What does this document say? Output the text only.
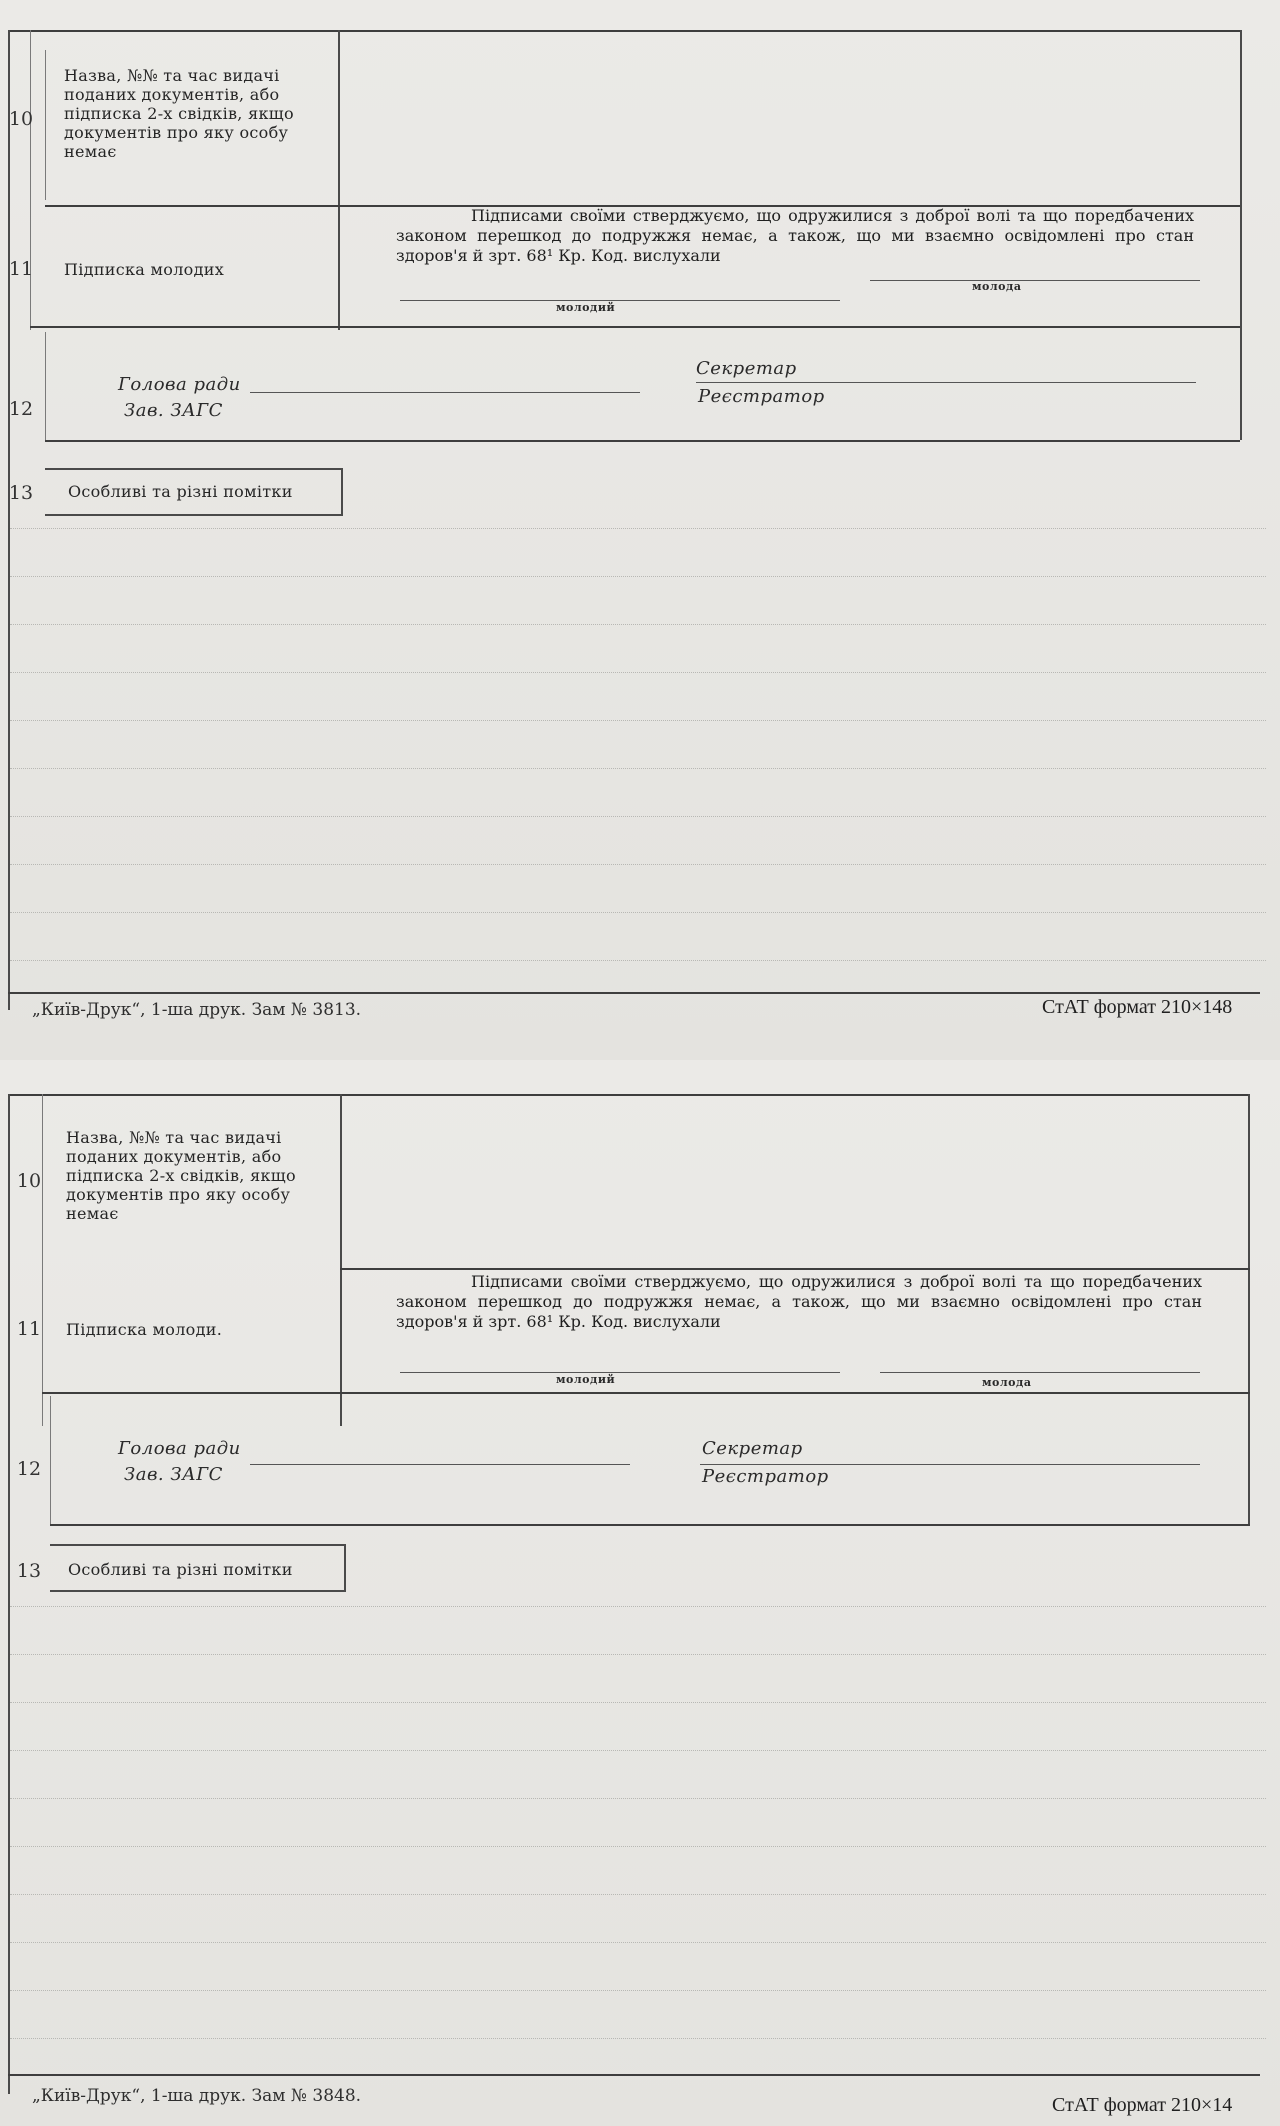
10
Назва, №№ та час видачі поданих документів, або підписка 2-х свідків, якщо документів про яку особу немає
11 Підписка молодих
Підписами своїми стверджуємо, що одружилися з доброї волі та що поредбачених законом перешкод до подружжя немає, а також, що ми взаємно освідомлені про стан здоров'я й зрт. 68¹ Кр. Код. вислухали
молодий
молода
12
Голова ради
Зав. ЗАГС
Секретар
Реєстратор
13 Особливі та різні помітки
„Київ-Друк“, 1-ша друк. Зам № 3813.	СтАТ формат 210×148
10
Назва, №№ та час видачі поданих документів, або підписка 2-х свідків, якщо документів про яку особу немає
11 Підписка молоди.
Підписами своїми стверджуємо, що одружилися з доброї волі та що поредбачених законом перешкод до подружжя немає, а також, що ми взаємно освідомлені про стан здоров'я й зрт. 68¹ Кр. Код. вислухали
молодий	молода
12
Голова ради
Зав. ЗАГС
Секретар
Реєстратор
13 Особливі та різні помітки
„Київ-Друк“, 1-ша друк. Зам № 3848.	СтАТ формат 210×14
